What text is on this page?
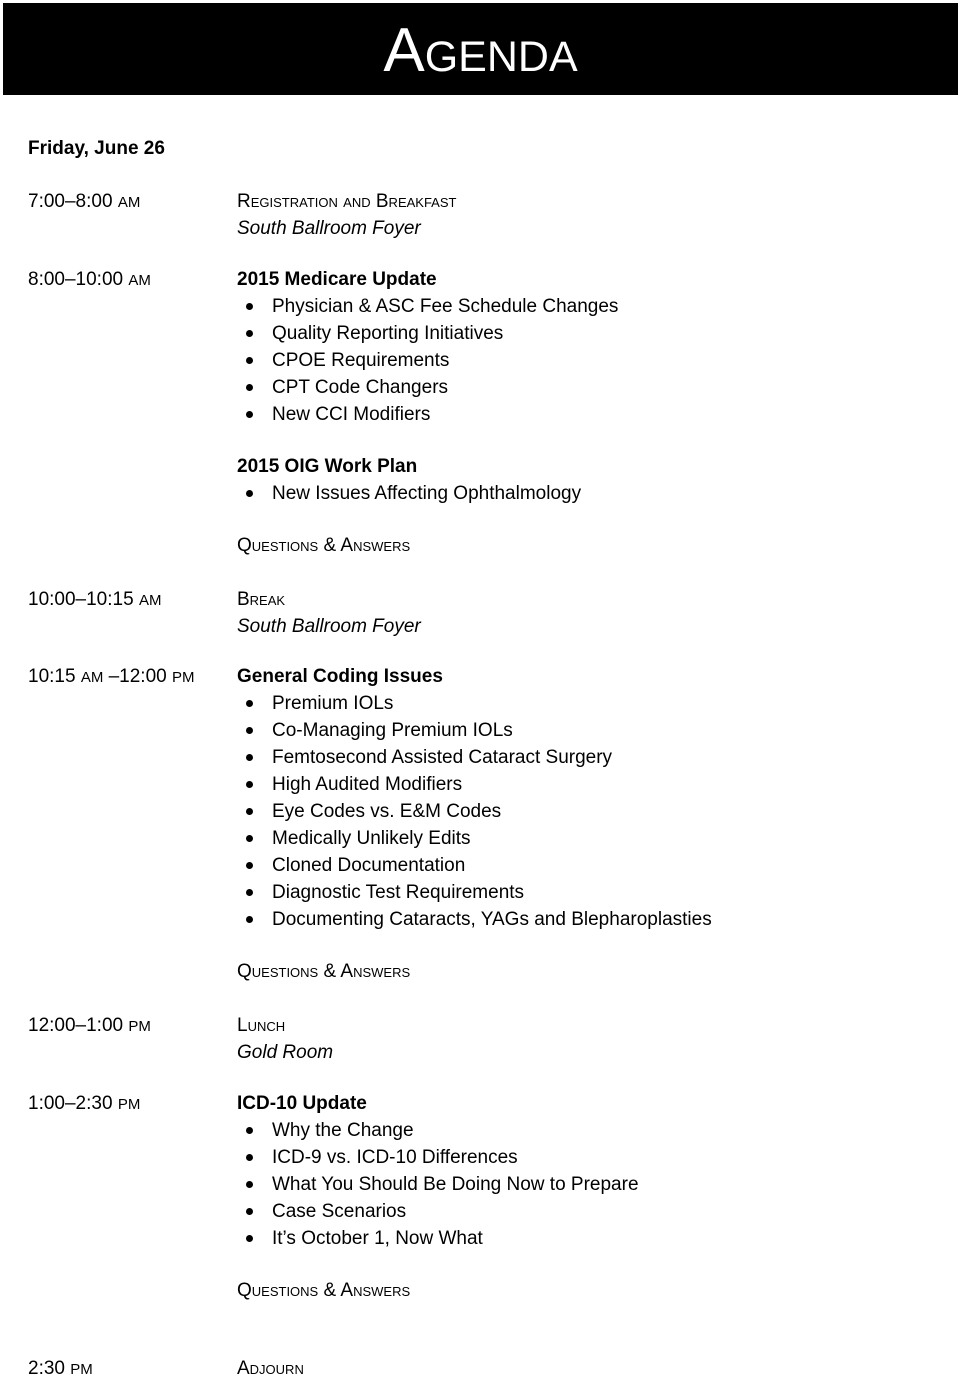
Agenda
Friday, June 26
7:00–8:00 AM	Registration and Breakfast
South Ballroom Foyer
8:00–10:00 AM	2015 Medicare Update
Physician & ASC Fee Schedule Changes
Quality Reporting Initiatives
CPOE Requirements
CPT Code Changers
New CCI Modifiers
2015 OIG Work Plan
New Issues Affecting Ophthalmology
Questions & Answers
10:00–10:15 AM	Break
South Ballroom Foyer
10:15 AM –12:00 PM General Coding Issues
Premium IOLs
Co-Managing Premium IOLs
Femtosecond Assisted Cataract Surgery
High Audited Modifiers
Eye Codes vs. E&M Codes
Medically Unlikely Edits
Cloned Documentation
Diagnostic Test Requirements
Documenting Cataracts, YAGs and Blepharoplasties
Questions & Answers
12:00–1:00 PM	Lunch
Gold Room
1:00–2:30 PM	ICD-10 Update
Why the Change
ICD-9 vs. ICD-10 Differences
What You Should Be Doing Now to Prepare
Case Scenarios
It’s October 1, Now What
Questions & Answers
2:30 PM	Adjourn
